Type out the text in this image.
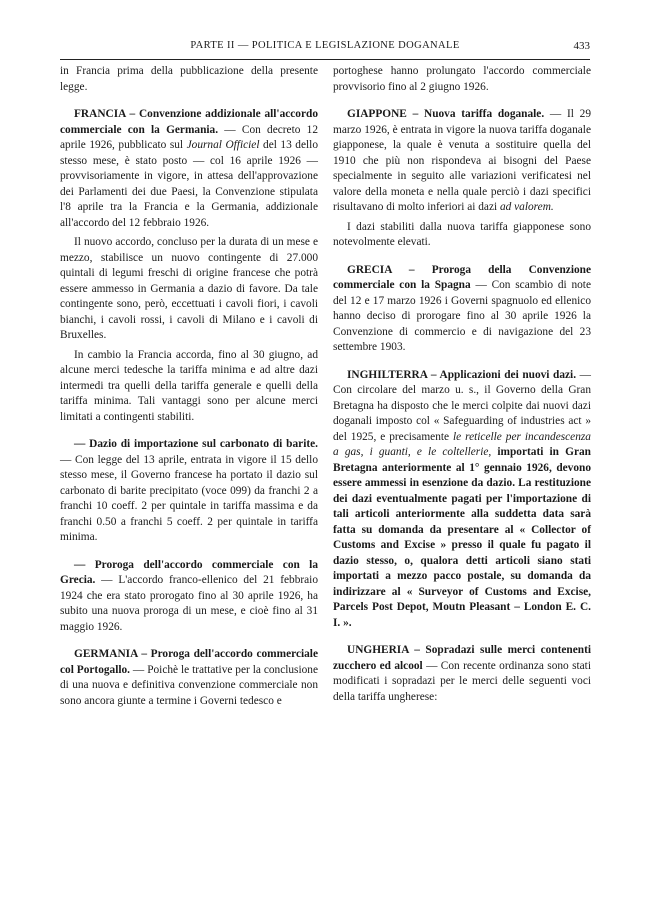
PARTE II — POLITICA E LEGISLAZIONE DOGANALE	433

in Francia prima della pubblicazione della presente legge.

FRANCIA – Convenzione addizionale all'accordo commerciale con la Germania. — Con decreto 12 aprile 1926, pubblicato sul Journal Officiel del 13 dello stesso mese, è stato posto — col 16 aprile 1926 — provvisoriamente in vigore, in attesa dell'approvazione dei Parlamenti dei due Paesi, la Convenzione stipulata l'8 aprile tra la Francia e la Germania, addizionale all'accordo del 12 febbraio 1926.

Il nuovo accordo, concluso per la durata di un mese e mezzo, stabilisce un nuovo contingente di 27.000 quintali di legumi freschi di origine francese che potrà essere ammesso in Germania a dazio di favore. Da tale contingente sono, però, eccettuati i cavoli fiori, i cavoli bianchi, i cavoli rossi, i cavoli di Milano e i cavoli di Bruxelles.

In cambio la Francia accorda, fino al 30 giugno, ad alcune merci tedesche la tariffa minima e ad altre dazi intermedi tra quelli della tariffa generale e quelli della tariffa minima. Tali vantaggi sono per alcune merci limitati a contingenti stabiliti.

— Dazio di importazione sul carbonato di barite. — Con legge del 13 aprile, entrata in vigore il 15 dello stesso mese, il Governo francese ha portato il dazio sul carbonato di barite precipitato (voce 099) da franchi 2 a franchi 10 coeff. 2 per quintale in tariffa massima e da franchi 0.50 a franchi 5 coeff. 2 per quintale in tariffa minima.

— Proroga dell'accordo commerciale con la Grecia. — L'accordo franco-ellenico del 21 febbraio 1924 che era stato prorogato fino al 30 aprile 1926, ha subito una nuova proroga di un mese, e cioè fino al 31 maggio 1926.

GERMANIA – Proroga dell'accordo commerciale col Portogallo. — Poichè le trattative per la conclusione di una nuova e definitiva convenzione commerciale non sono ancora giunte a termine i Governi tedesco e

portoghese hanno prolungato l'accordo commerciale provvisorio fino al 2 giugno 1926.

GIAPPONE – Nuova tariffa doganale. — Il 29 marzo 1926, è entrata in vigore la nuova tariffa doganale giapponese, la quale è venuta a sostituire quella del 1910 che più non rispondeva ai bisogni del Paese specialmente in seguito alle variazioni verificatesi nel valore della moneta e nella quale perciò i dazi specifici risultavano di molto inferiori ai dazi ad valorem.

I dazi stabiliti dalla nuova tariffa giapponese sono notevolmente elevati.

GRECIA – Proroga della Convenzione commerciale con la Spagna — Con scambio di note del 12 e 17 marzo 1926 i Governi spagnuolo ed ellenico hanno deciso di prorogare fino al 30 aprile 1926 la Convenzione di commercio e di navigazione del 23 settembre 1903.

INGHILTERRA – Applicazioni dei nuovi dazi. — Con circolare del marzo u. s., il Governo della Gran Bretagna ha disposto che le merci colpite dai nuovi dazi doganali imposto col « Safeguarding of industries act » del 1925, e precisamente le reticelle per incandescenza a gas, i guanti, e le coltellerie, importati in Gran Bretagna anteriormente al 1° gennaio 1926, devono essere ammessi in esenzione da dazio. La restituzione dei dazi eventualmente pagati per l'importazione di tali articoli anteriormente alla suddetta data sarà fatta su domanda da presentare al « Collector of Customs and Excise » presso il quale fu pagato il dazio stesso, o, qualora detti articoli siano stati importati a mezzo pacco postale, su domanda da indirizzare al « Surveyor of Customs and Excise, Parcels Post Depot, Moutn Pleasant – London E. C. I. ».

UNGHERIA – Sopradazi sulle merci contenenti zucchero ed alcool — Con recente ordinanza sono stati modificati i sopradazi per le merci delle seguenti voci della tariffa ungherese:
